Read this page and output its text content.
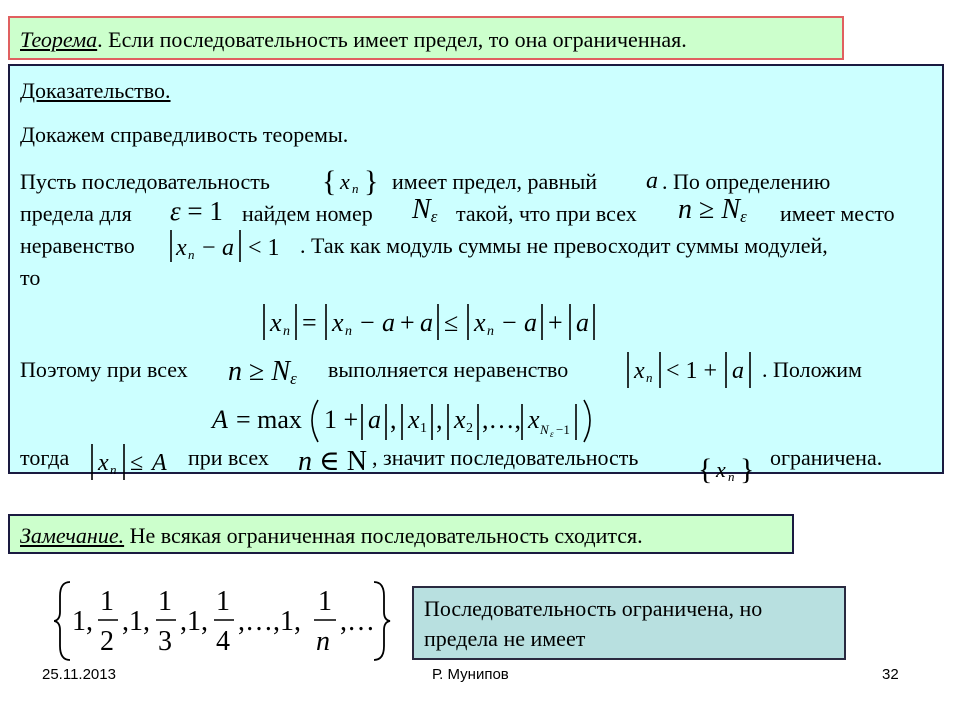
Теорема. Если последовательность имеет предел, то она ограниченная.
Доказательство.
Докажем справедливость теоремы.
Пусть последовательность { x n } имеет предел, равный a . По определению
предела для ε = 1 найдем номер $N_\varepsilon$ такой, что при всех $n \ge N_\varepsilon$ имеет место
неравенство x n − a < 1 . Так как модуль суммы не превосходит суммы модулей,
то
x n = x n − a + a ≤ x n − a + a
Поэтому при всех $n \ge N_\varepsilon$ выполняется неравенство	x n < 1 + a . Положим
A = max 1 + a , x 1 , x 2 ,…, x N ε −1
тогда x n ≤ A при всех n ∈ N , значит последовательность { x n } ограничена.
Замечание. Не всякая ограниченная последовательность сходится.
1,
1
2
,1,
1
3
,1,
1
4
,…,1,
1
n
,… Последовательность ограничена, но
предела не имеет
25.11.2013	Р. Мунипов	32
